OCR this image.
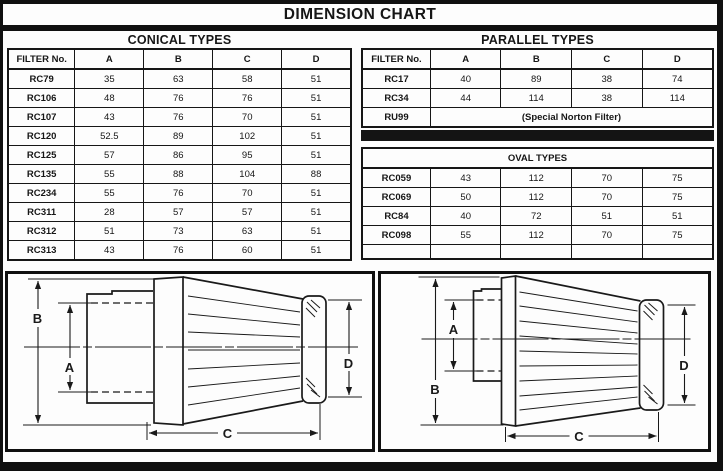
DIMENSION CHART
CONICAL TYPES
FILTER No.	A	B	C	D
RC79	35	63	58	51
RC106	48	76	76	51
RC107	43	76	70	51
RC120	52.5	89	102	51
RC125	57	86	95	51
RC135	55	88	104	88
RC234	55	76	70	51
RC311	28	57	57	51
RC312	51	73	63	51
RC313	43	76	60	51
PARALLEL TYPES
FILTER No.	A	B	C	D
RC17	40	89	38	74
RC34	44	114	38	114
RU99	(Special Norton Filter)			
OVAL TYPES				
RC059	43	112	70	75
RC069	50	112	70	75
RC84	40	72	51	51
RC098	55	112	70	75

B
A	D
C
B
A
D
C
